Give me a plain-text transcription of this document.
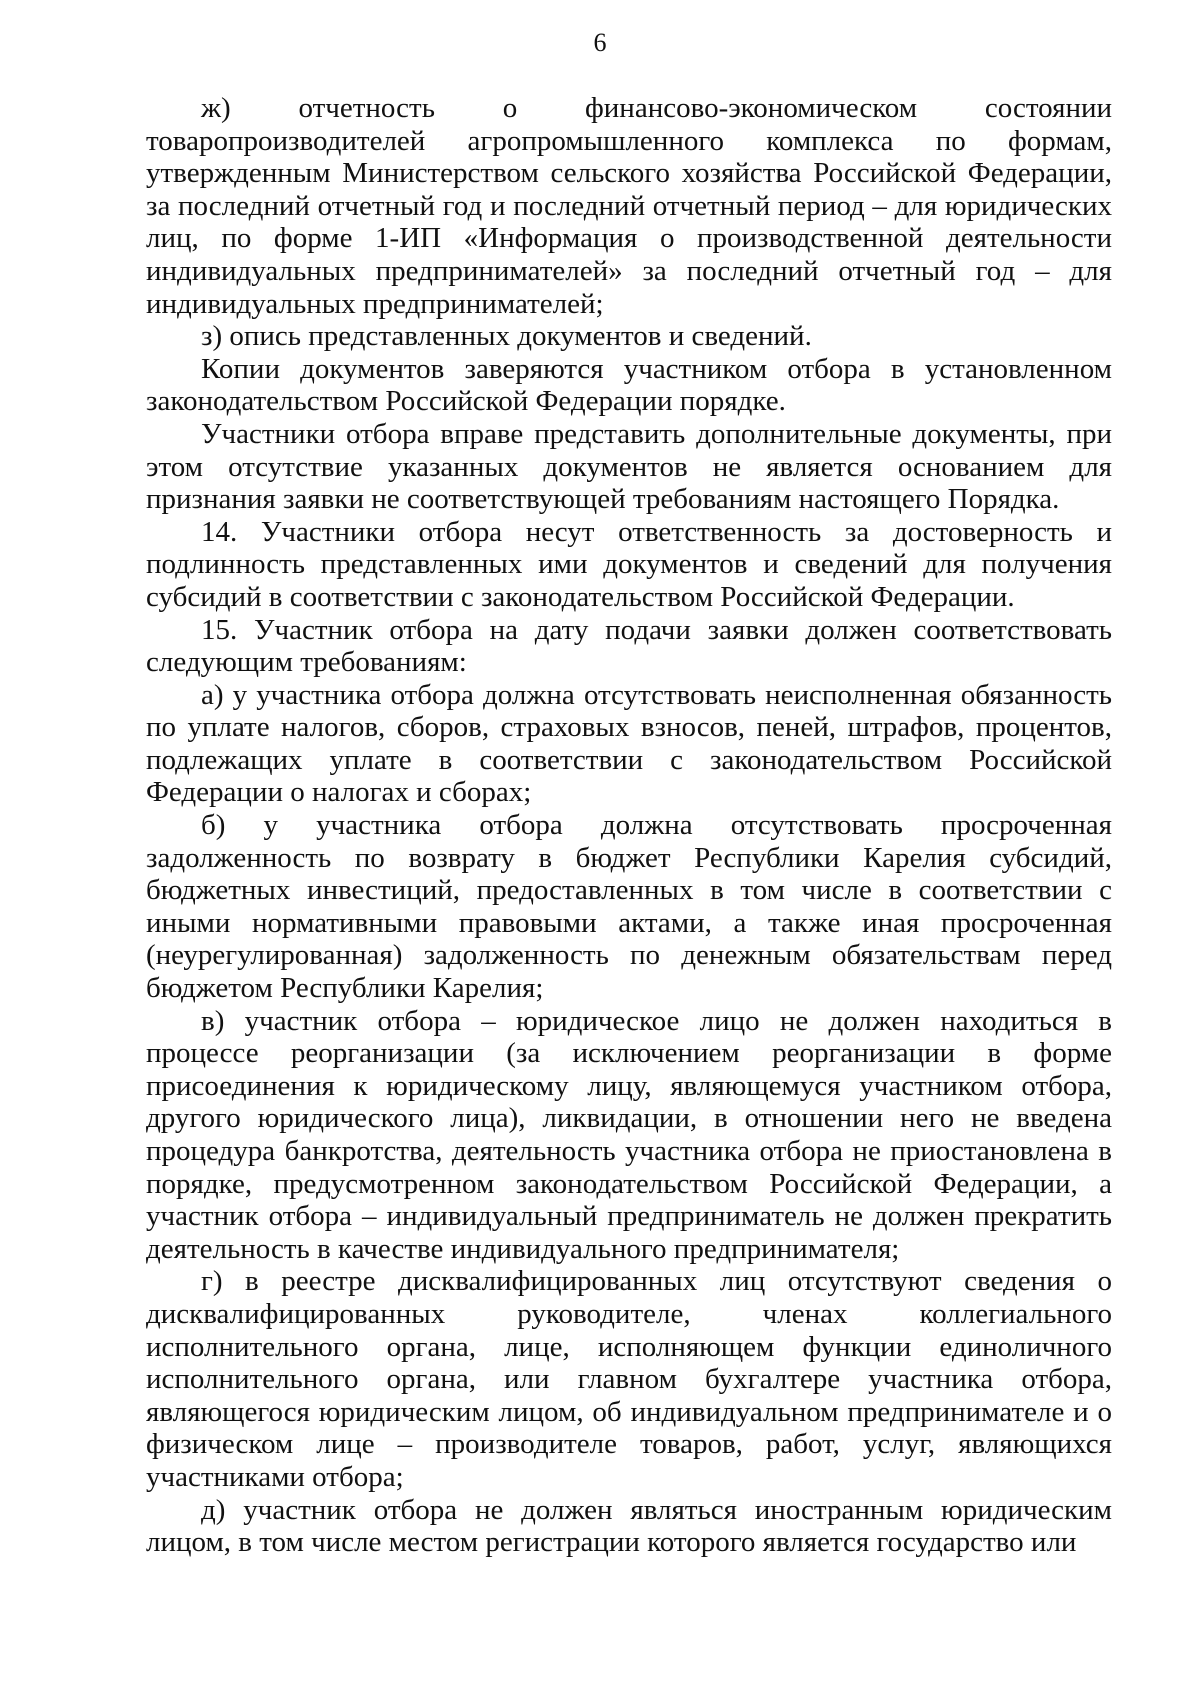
6

ж) отчетность о финансово-экономическом состоянии товаропроизводителей агропромышленного комплекса по формам, утвержденным Министерством сельского хозяйства Российской Федерации, за последний отчетный год и последний отчетный период – для юридических лиц, по форме 1-ИП «Информация о производственной деятельности индивидуальных предпринимателей» за последний отчетный год – для индивидуальных предпринимателей;

з) опись представленных документов и сведений.

Копии документов заверяются участником отбора в установленном законодательством Российской Федерации порядке.

Участники отбора вправе представить дополнительные документы, при этом отсутствие указанных документов не является основанием для признания заявки не соответствующей требованиям настоящего Порядка.

14. Участники отбора несут ответственность за достоверность и подлинность представленных ими документов и сведений для получения субсидий в соответствии с законодательством Российской Федерации.

15. Участник отбора на дату подачи заявки должен соответствовать следующим требованиям:

а) у участника отбора должна отсутствовать неисполненная обязанность по уплате налогов, сборов, страховых взносов, пеней, штрафов, процентов, подлежащих уплате в соответствии с законодательством Российской Федерации о налогах и сборах;

б) у участника отбора должна отсутствовать просроченная задолженность по возврату в бюджет Республики Карелия субсидий, бюджетных инвестиций, предоставленных в том числе в соответствии с иными нормативными правовыми актами, а также иная просроченная (неурегулированная) задолженность по денежным обязательствам перед бюджетом Республики Карелия;

в) участник отбора – юридическое лицо не должен находиться в процессе реорганизации (за исключением реорганизации в форме присоединения к юридическому лицу, являющемуся участником отбора, другого юридического лица), ликвидации, в отношении него не введена процедура банкротства, деятельность участника отбора не приостановлена в порядке, предусмотренном законодательством Российской Федерации, а участник отбора – индивидуальный предприниматель не должен прекратить деятельность в качестве индивидуального предпринимателя;

г) в реестре дисквалифицированных лиц отсутствуют сведения о дисквалифицированных руководителе, членах коллегиального исполнительного органа, лице, исполняющем функции единоличного исполнительного органа, или главном бухгалтере участника отбора, являющегося юридическим лицом, об индивидуальном предпринимателе и о физическом лице – производителе товаров, работ, услуг, являющихся участниками отбора;

д) участник отбора не должен являться иностранным юридическим лицом, в том числе местом регистрации которого является государство или
